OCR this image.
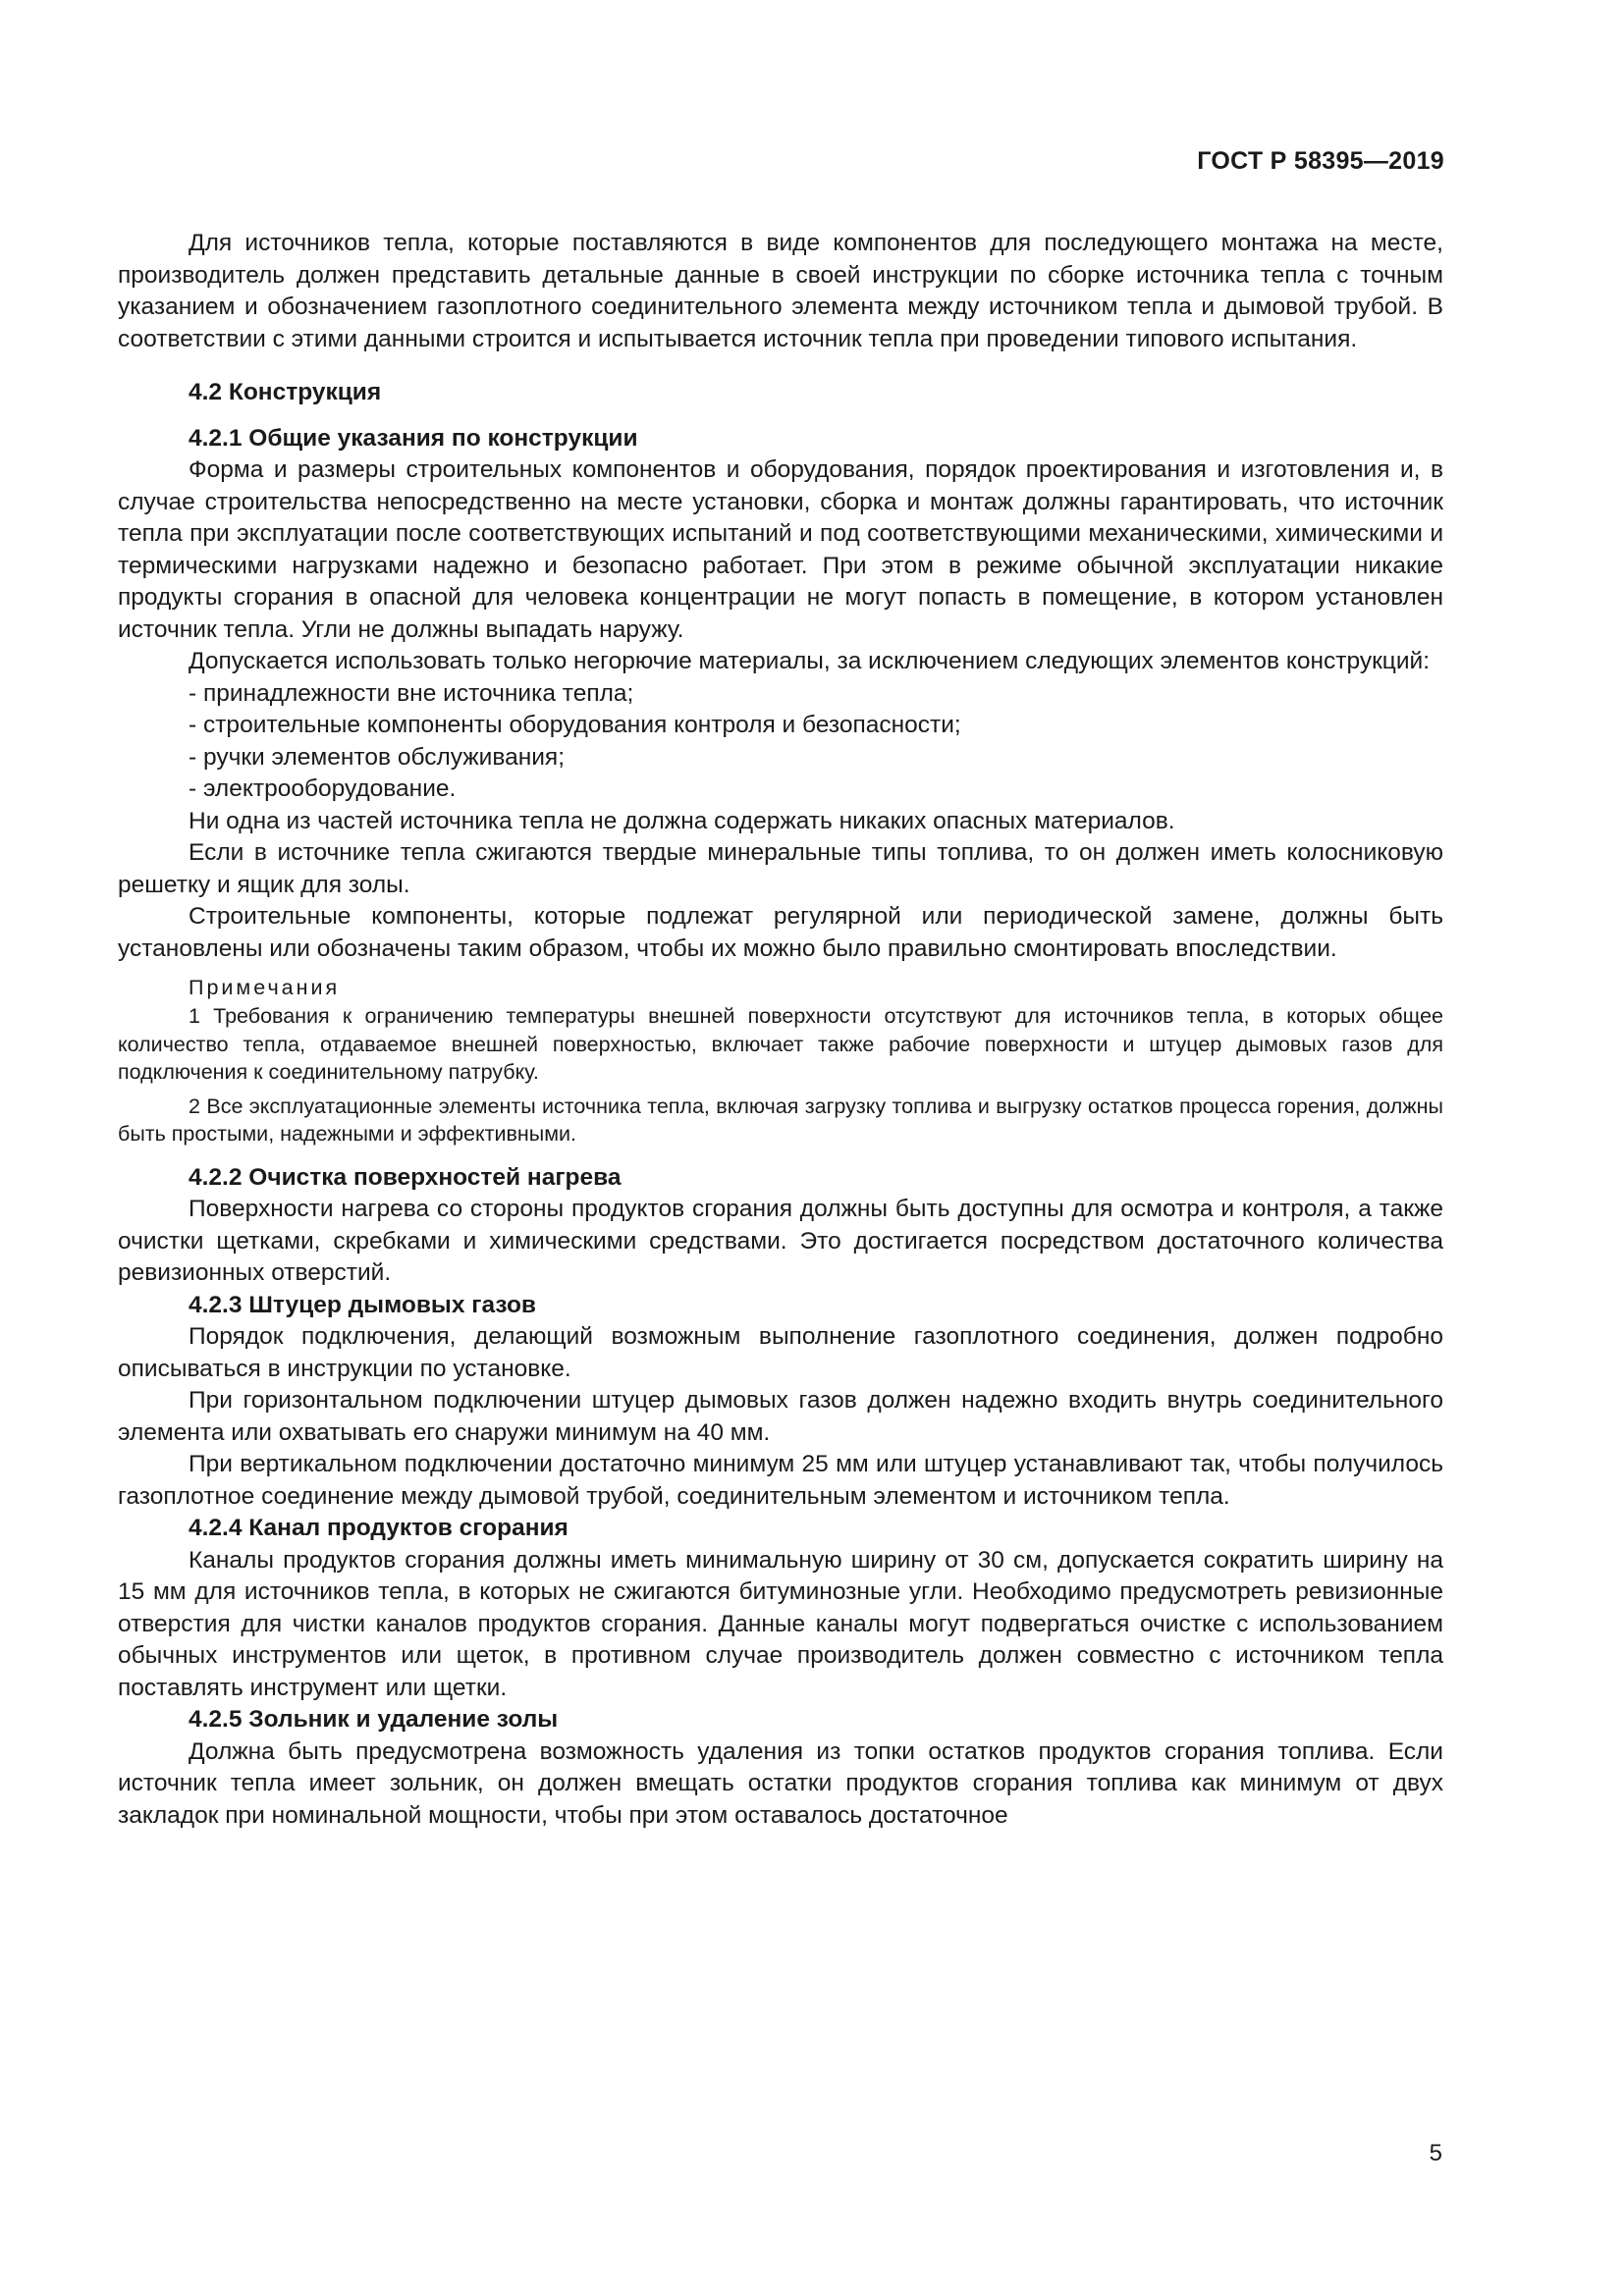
ГОСТ Р 58395—2019

Для источников тепла, которые поставляются в виде компонентов для последующего монтажа на месте, производитель должен представить детальные данные в своей инструкции по сборке источника тепла с точным указанием и обозначением газоплотного соединительного элемента между источником тепла и дымовой трубой. В соответствии с этими данными строится и испытывается источник тепла при проведении типового испытания.

4.2 Конструкция
4.2.1 Общие указания по конструкции

Форма и размеры строительных компонентов и оборудования, порядок проектирования и изготовления и, в случае строительства непосредственно на месте установки, сборка и монтаж должны гарантировать, что источник тепла при эксплуатации после соответствующих испытаний и под соответствующими механическими, химическими и термическими нагрузками надежно и безопасно работает. При этом в режиме обычной эксплуатации никакие продукты сгорания в опасной для человека концентрации не могут попасть в помещение, в котором установлен источник тепла. Угли не должны выпадать наружу.

Допускается использовать только негорючие материалы, за исключением следующих элементов конструкций:

- принадлежности вне источника тепла;
- строительные компоненты оборудования контроля и безопасности;
- ручки элементов обслуживания;
- электрооборудование.

Ни одна из частей источника тепла не должна содержать никаких опасных материалов.

Если в источнике тепла сжигаются твердые минеральные типы топлива, то он должен иметь колосниковую решетку и ящик для золы.

Строительные компоненты, которые подлежат регулярной или периодической замене, должны быть установлены или обозначены таким образом, чтобы их можно было правильно смонтировать впоследствии.

Примечания

1 Требования к ограничению температуры внешней поверхности отсутствуют для источников тепла, в которых общее количество тепла, отдаваемое внешней поверхностью, включает также рабочие поверхности и штуцер дымовых газов для подключения к соединительному патрубку.

2 Все эксплуатационные элементы источника тепла, включая загрузку топлива и выгрузку остатков процесса горения, должны быть простыми, надежными и эффективными.

4.2.2 Очистка поверхностей нагрева

Поверхности нагрева со стороны продуктов сгорания должны быть доступны для осмотра и контроля, а также очистки щетками, скребками и химическими средствами. Это достигается посредством достаточного количества ревизионных отверстий.

4.2.3 Штуцер дымовых газов

Порядок подключения, делающий возможным выполнение газоплотного соединения, должен подробно описываться в инструкции по установке.

При горизонтальном подключении штуцер дымовых газов должен надежно входить внутрь соединительного элемента или охватывать его снаружи минимум на 40 мм.

При вертикальном подключении достаточно минимум 25 мм или штуцер устанавливают так, чтобы получилось газоплотное соединение между дымовой трубой, соединительным элементом и источником тепла.

4.2.4 Канал продуктов сгорания

Каналы продуктов сгорания должны иметь минимальную ширину от 30 см, допускается сократить ширину на 15 мм для источников тепла, в которых не сжигаются битуминозные угли. Необходимо предусмотреть ревизионные отверстия для чистки каналов продуктов сгорания. Данные каналы могут подвергаться очистке с использованием обычных инструментов или щеток, в противном случае производитель должен совместно с источником тепла поставлять инструмент или щетки.

4.2.5 Зольник и удаление золы

Должна быть предусмотрена возможность удаления из топки остатков продуктов сгорания топлива. Если источник тепла имеет зольник, он должен вмещать остатки продуктов сгорания топлива как минимум от двух закладок при номинальной мощности, чтобы при этом оставалось достаточное

5
